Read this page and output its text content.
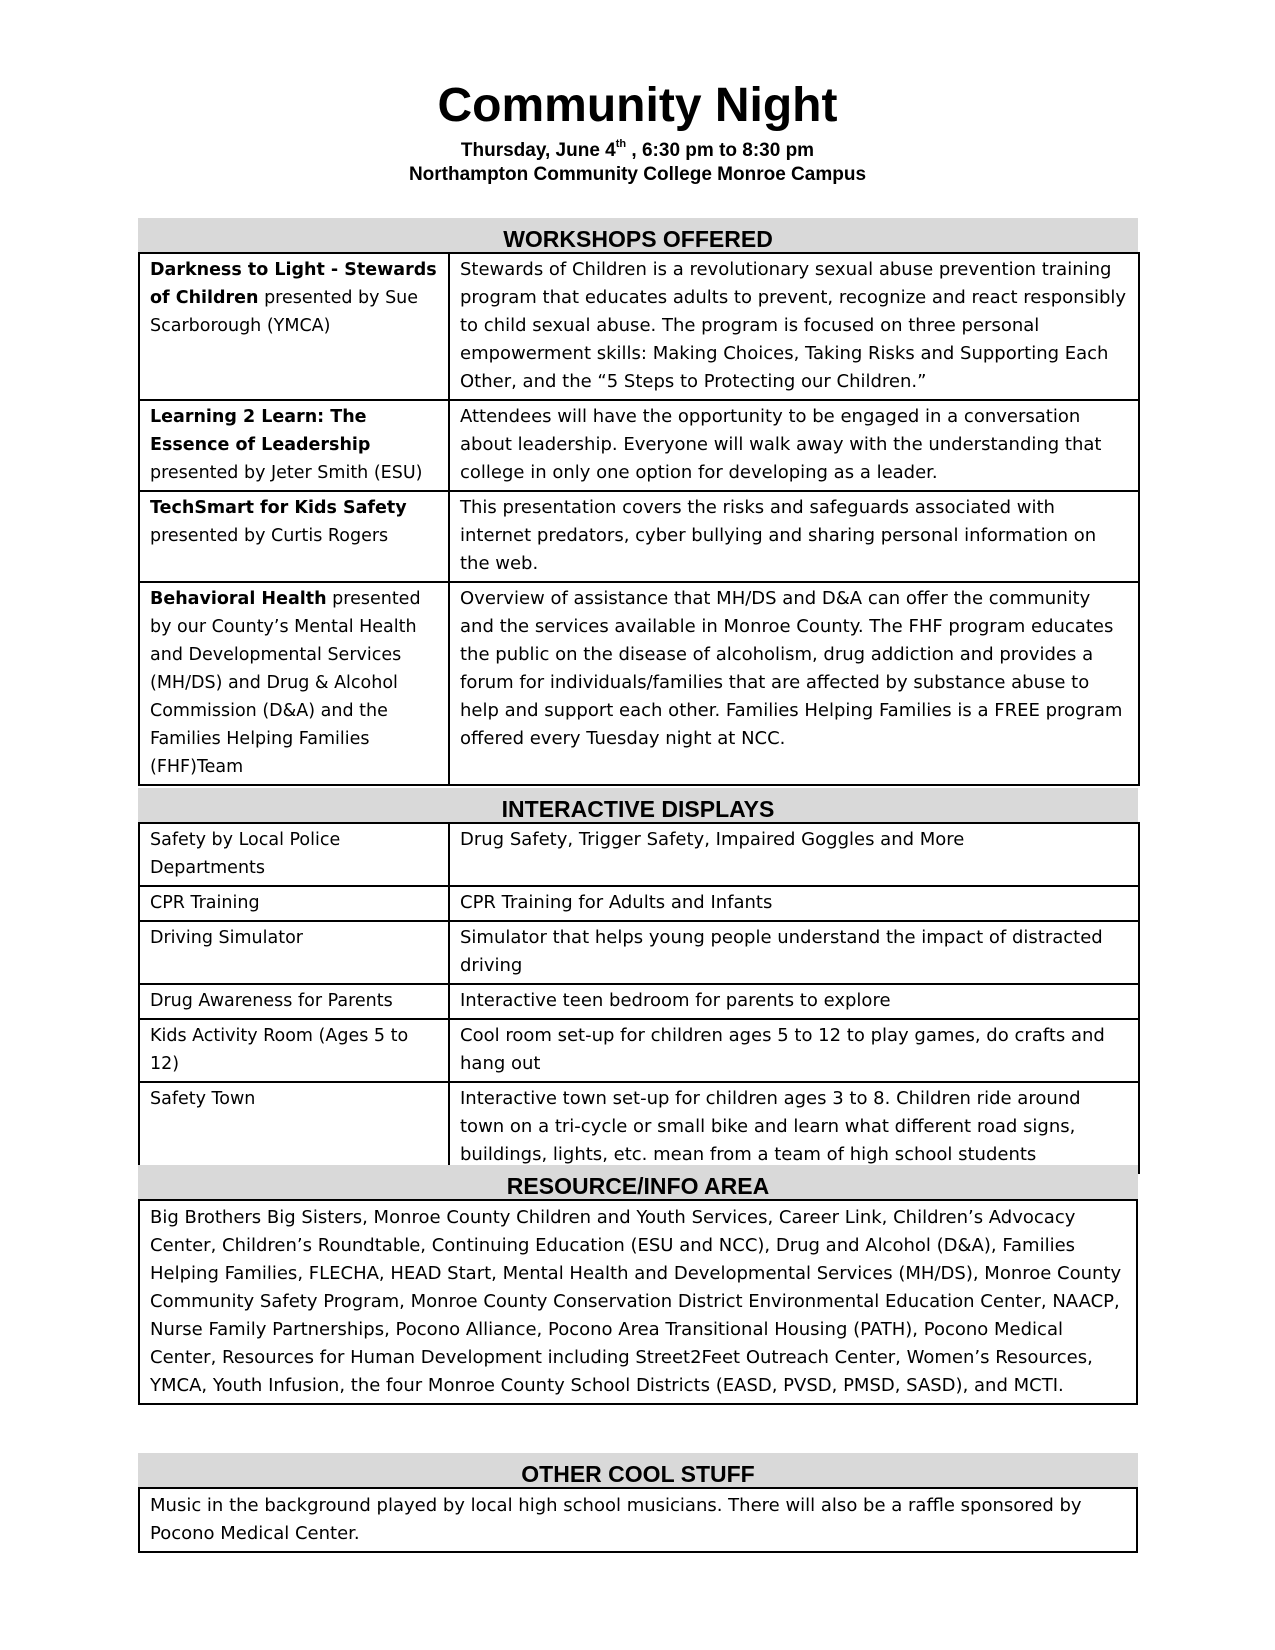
Community Night

Thursday, June 4th , 6:30 pm to 8:30 pm

Northampton Community College Monroe Campus

WORKSHOPS OFFERED
Darkness to Light - Stewards of Children presented by Sue Scarborough (YMCA)	Stewards of Children is a revolutionary sexual abuse prevention training program that educates adults to prevent, recognize and react responsibly to child sexual abuse. The program is focused on three personal empowerment skills: Making Choices, Taking Risks and Supporting Each Other, and the “5 Steps to Protecting our Children.”
Learning 2 Learn: The Essence of Leadership presented by Jeter Smith (ESU)	Attendees will have the opportunity to be engaged in a conversation about leadership. Everyone will walk away with the understanding that college in only one option for developing as a leader.
TechSmart for Kids Safety presented by Curtis Rogers	This presentation covers the risks and safeguards associated with internet predators, cyber bullying and sharing personal information on the web.
Behavioral Health presented by our County’s Mental Health and Developmental Services (MH/DS) and Drug & Alcohol Commission (D&A) and the Families Helping Families (FHF)Team	Overview of assistance that MH/DS and D&A can offer the community and the services available in Monroe County. The FHF program educates the public on the disease of alcoholism, drug addiction and provides a forum for individuals/families that are affected by substance abuse to help and support each other. Families Helping Families is a FREE program offered every Tuesday night at NCC.
INTERACTIVE DISPLAYS
Safety by Local Police Departments	Drug Safety, Trigger Safety, Impaired Goggles and More
CPR Training	CPR Training for Adults and Infants
Driving Simulator	Simulator that helps young people understand the impact of distracted driving
Drug Awareness for Parents	Interactive teen bedroom for parents to explore
Kids Activity Room (Ages 5 to 12)	Cool room set-up for children ages 5 to 12 to play games, do crafts and hang out
Safety Town	Interactive town set-up for children ages 3 to 8. Children ride around town on a tri-cycle or small bike and learn what different road signs, buildings, lights, etc. mean from a team of high school students
RESOURCE/INFO AREA
Big Brothers Big Sisters, Monroe County Children and Youth Services, Career Link, Children’s Advocacy Center, Children’s Roundtable, Continuing Education (ESU and NCC), Drug and Alcohol (D&A), Families Helping Families, FLECHA, HEAD Start, Mental Health and Developmental Services (MH/DS), Monroe County Community Safety Program, Monroe County Conservation District Environmental Education Center, NAACP, Nurse Family Partnerships, Pocono Alliance, Pocono Area Transitional Housing (PATH), Pocono Medical Center, Resources for Human Development including Street2Feet Outreach Center, Women’s Resources, YMCA, Youth Infusion, the four Monroe County School Districts (EASD, PVSD, PMSD, SASD), and MCTI.
OTHER COOL STUFF
Music in the background played by local high school musicians. There will also be a raffle sponsored by Pocono Medical Center.
